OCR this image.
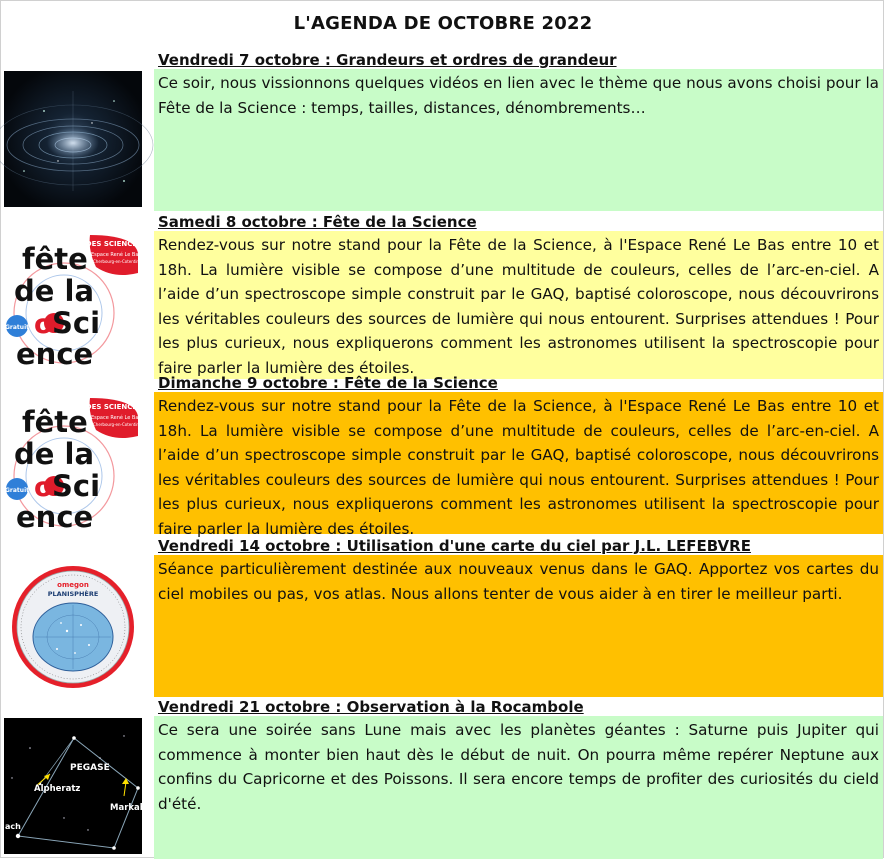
L'AGENDA DE OCTOBRE 2022
Vendredi 7 octobre : Grandeurs et ordres de grandeur
Ce soir, nous vissionnons quelques vidéos en lien avec le thème que nous avons choisi pour la Fête de la Science : temps, tailles, distances, dénombrements…
Samedi 8 octobre : Fête de la Science
Rendez-vous sur notre stand pour la Fête de la Science, à l'Espace René Le Bas entre 10 et 18h. La lumière visible se compose d’une multitude de couleurs, celles de l’arc-en-ciel. A l’aide d’un spectroscope simple construit par le GAQ, baptisé coloroscope, nous découvrirons les véritables couleurs des sources de lumière qui nous entourent. Surprises attendues ! Pour les plus curieux, nous expliquerons comment les astronomes utilisent la spectroscopie pour faire parler la lumière des étoiles.
DES SCIENCES
Espace René Le Bas
Cherbourg-en-Cotentin
fête
de la
Gratuit o Sci
ence
Dimanche 9 octobre : Fête de la Science
Rendez-vous sur notre stand pour la Fête de la Science, à l'Espace René Le Bas entre 10 et 18h. La lumière visible se compose d’une multitude de couleurs, celles de l’arc-en-ciel. A l’aide d’un spectroscope simple construit par le GAQ, baptisé coloroscope, nous découvrirons les véritables couleurs des sources de lumière qui nous entourent. Surprises attendues ! Pour les plus curieux, nous expliquerons comment les astronomes utilisent la spectroscopie pour faire parler la lumière des étoiles.
DES SCIENCES
Espace René Le Bas
Cherbourg-en-Cotentin
fête
de la
Gratuit o Sci
ence
Vendredi 14 octobre : Utilisation d'une carte du ciel par J.L. LEFEBVRE
Séance particulièrement destinée aux nouveaux venus dans le GAQ. Apportez vos cartes du ciel mobiles ou pas, vos atlas. Nous allons tenter de vous aider à en tirer le meilleur parti.
omegon
PLANISPHÈRE
Vendredi 21 octobre : Observation à la Rocambole
Ce sera une soirée sans Lune mais avec les planètes géantes : Saturne puis Jupiter qui commence à monter bien haut dès le début de nuit. On pourra même repérer Neptune aux confins du Capricorne et des Poissons. Il sera encore temps de profiter des curiosités du cield d'été.
PEGASE
Alpheratz
Markab
ach
